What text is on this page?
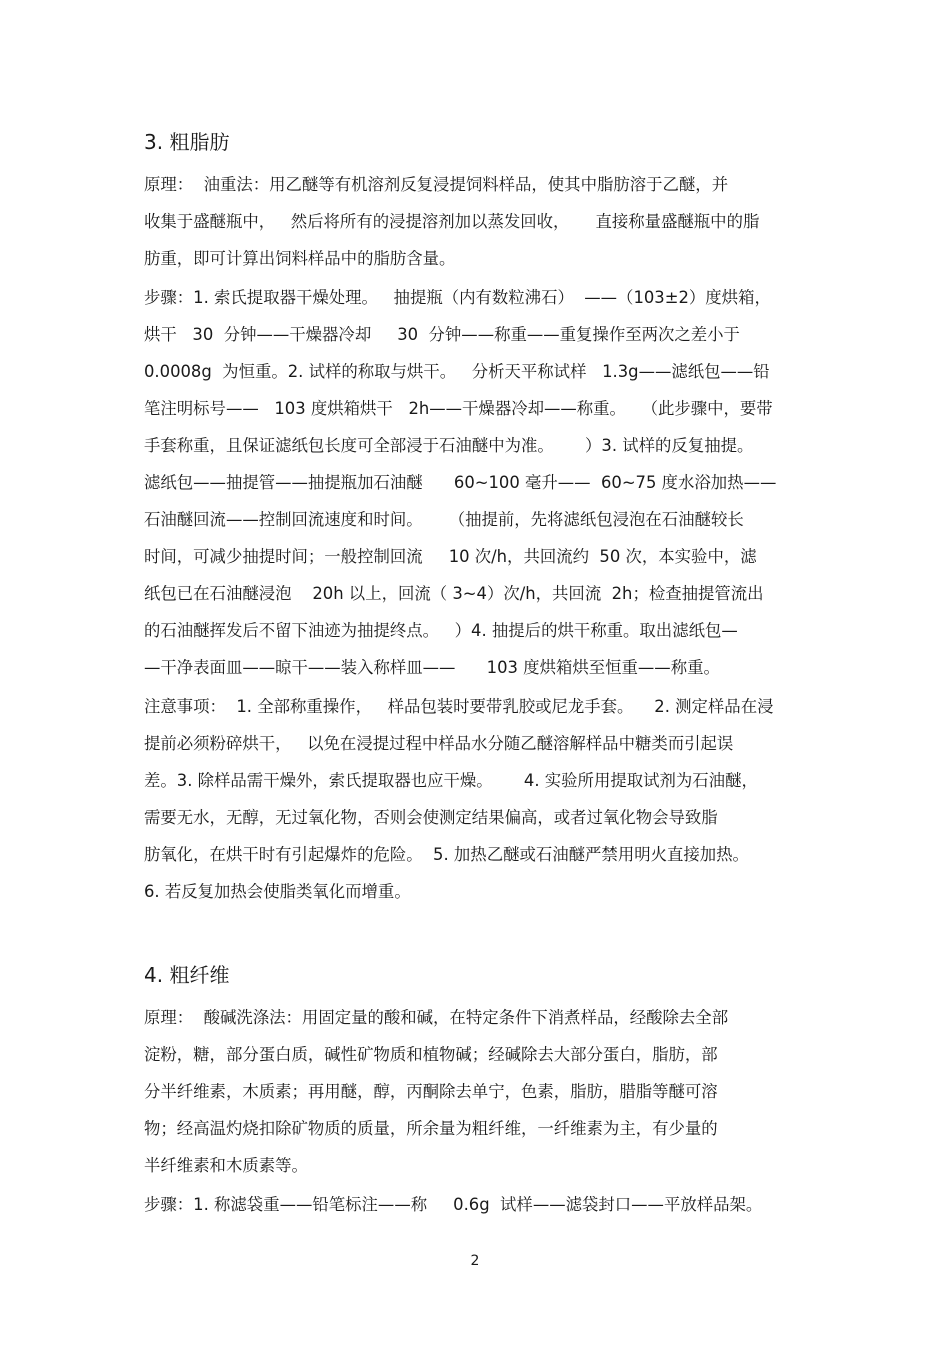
3. 粗脂肪

原理：  油重法：用乙醚等有机溶剂反复浸提饲料样品，使其中脂肪溶于乙醚，并

收集于盛醚瓶中，   然后将所有的浸提溶剂加以蒸发回收，     直接称量盛醚瓶中的脂

肪重，即可计算出饲料样品中的脂肪含量。

步骤：1. 索氏提取器干燥处理。   抽提瓶（内有数粒沸石）  ——（103±2）度烘箱，

烘干   30  分钟——干燥器冷却     30  分钟——称重——重复操作至两次之差小于

0.0008g  为恒重。2. 试样的称取与烘干。   分析天平称试样   1.3g——滤纸包——铅

笔注明标号——   103 度烘箱烘干   2h——干燥器冷却——称重。   （此步骤中，要带

手套称重，且保证滤纸包长度可全部浸于石油醚中为准。      ）3. 试样的反复抽提。

滤纸包——抽提管——抽提瓶加石油醚      60~100 毫升——  60~75 度水浴加热——

石油醚回流——控制回流速度和时间。     （抽提前，先将滤纸包浸泡在石油醚较长

时间，可减少抽提时间；一般控制回流     10 次/h，共回流约  50 次，本实验中，滤

纸包已在石油醚浸泡    20h 以上，回流（ 3~4）次/h，共回流  2h；检查抽提管流出

的石油醚挥发后不留下油迹为抽提终点。   ）4. 抽提后的烘干称重。取出滤纸包—

—干净表面皿——晾干——装入称样皿——      103 度烘箱烘至恒重——称重。

注意事项：  1. 全部称重操作，   样品包装时要带乳胶或尼龙手套。    2. 测定样品在浸

提前必须粉碎烘干，   以免在浸提过程中样品水分随乙醚溶解样品中糖类而引起误

差。3. 除样品需干燥外，索氏提取器也应干燥。      4. 实验所用提取试剂为石油醚，

需要无水，无醇，无过氧化物，否则会使测定结果偏高，或者过氧化物会导致脂

肪氧化，在烘干时有引起爆炸的危险。  5. 加热乙醚或石油醚严禁用明火直接加热。

6. 若反复加热会使脂类氧化而增重。

4. 粗纤维

原理：  酸碱洗涤法：用固定量的酸和碱，在特定条件下消煮样品，经酸除去全部

淀粉，糖，部分蛋白质，碱性矿物质和植物碱；经碱除去大部分蛋白，脂肪，部

分半纤维素，木质素；再用醚，醇，丙酮除去单宁，色素，脂肪，腊脂等醚可溶

物；经高温灼烧扣除矿物质的质量，所余量为粗纤维，一纤维素为主，有少量的

半纤维素和木质素等。

步骤：1. 称滤袋重——铅笔标注——称     0.6g  试样——滤袋封口——平放样品架。

2
